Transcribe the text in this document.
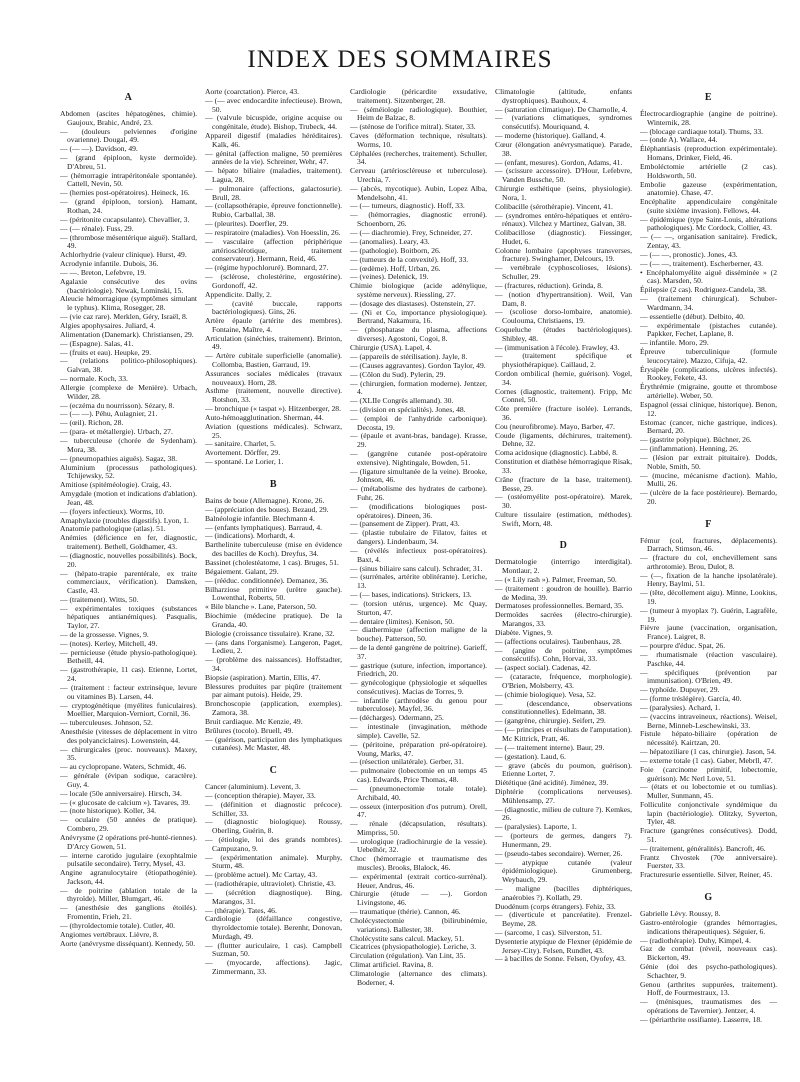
INDEX DES SOMMAIRES
A

Abdomen (ascites hépatogènes, chimie). Gaujoux, Brahic, André, 23.

— (douleurs pelviennes d'origine ovarienne). Dougal, 49.

— (— —). Davidson, 49.

— (grand épiploon, kyste dermoïde). D'Abreu, 51.

— (hémorragie intrapéritonéale spontanée). Cattell, Nevin, 50.

— (hernies post-opératoires). Heineck, 16.

— (grand épiploon, torsion). Hamant, Rothan, 24.

— (péritonite cucapsulante). Chevallier, 3.

— (— rénale). Fuss, 29.

— (thrombose mésentérique aiguë). Stallard, 49.

Achlorhydrie (valeur clinique). Hurst, 49.

Acrodynie infantile. Dubois, 36.

— —. Breton, Lefebvre, 19.

Agalaxie consécutive des ovins (bactériologie). Newak, Lominski, 15.

Aleucie hémorragique (symptômes simulant le typhus). Klima, Rosegger, 28.

— (vie caz rare). Merklen, Géry, Israël, 8.

Algies apophysaires. Juliard, 4.

Alimentation (Danemark). Christiansen, 29.

— (Espagne). Salas, 41.

— (fruits et eau). Heupke, 29.

— (relations politico-philosophiques). Galvan, 38.

— normale. Koch, 33.

Allergie (complexe de Menière). Urbach, Wilder, 28.

— (eczéma du nourrisson). Sézary, 8.

— (— —). Péhu, Aulagnier, 21.

— (œil). Richon, 28.

— (para- et métallergie). Urbach, 27.

— tuberculeuse (chorée de Sydenham). Mora, 38.

— (pneumopathies aiguës). Sagaz, 38.

Aluminium (processus pathologiques). Tchijewsky, 52.

Amitiose (spitéméologie). Craig, 43.

Amygdale (motion et indications d'ablation). Jean, 48.

— (foyers infectieux). Worms, 10.

Amaphylaxie (troubles digestifs). Lyon, 1.

Anatomie pathologique (atlas). 51.

Anémies (déficience en fer, diagnostic, traitement). Bethell, Goldhamer, 43.

— (diagnostic, nouvelles possibilités). Bock, 20.

— (hépato-trapie parentérale, ex traite commerciaux, vérification). Damsken, Castle, 43.

— (traitement). Witts, 50.

— expérimentales toxiques (substances hépatiques antianémiques). Pasqualis, Taylor, 27.

— de la grossesse. Vignes, 9.

— (notes). Kerley, Mitchell, 49.

— pernicieuse (étude physio-pathologique). Betheill, 44.

— (gastrothérapie, 11 cas). Etienne, Lortet, 24.

— (traitement : facteur extrinsèque, levure ou vitamines B). Larsen, 44.

— cryptogénétique (myélites funiculaires). Moellier, Marquion-Verniort, Cornil, 36.

— tuberculeuses. Johnson, 52.

Anesthésie (vitesses de déplacement in vitro des polyanciclaires). Lowenstein, 44.

— chirurgicales (proc. nouveaux). Maxey, 35.

— au cyclopropane. Waters, Schmidt, 46.

— générale (évipan sodique, caractère). Guy, 4.

— locale (50e anniversaire). Hirsch, 34.

— (« glucosate de calcium »). Tavares, 39.

— (note historique). Koller, 34.

— oculaire (50 années de pratique). Combero, 29.

Anévrysme (2 opérations pré-hunté-riennes). D'Arcy Gowen, 51.

— interne carotido jugulaire (exophtalmie pulsatile secondaire). Terry, Mysel, 43.

Angine agranulocytaire (étiopathogénie). Jackson, 44.

— de poitrine (ablation totale de la thyroïde). Miller, Blumgart, 46.

— (anesthésie des ganglions étoilés). Fromentin, Frieh, 21.

— (thyroïdectomie totale). Cutler, 40.

Angiomes vertébraux. Lièvre, 8.

Aorte (anévrysme disséquant). Kennedy, 50.

Aorte (coarctation). Pierce, 43.

— (— avec endocardite infectieuse). Brown, 50.

— (valvule bicuspide, origine acquise ou congénitale, étude). Bishop, Trubeck, 44.

Appareil digestif (maladies héréditaires). Kalk, 46.

— génital (affection maligne, 50 premières années de la vie). Schreiner, Wehr, 47.

— hépato biliaire (maladies, traitement). Lagua, 28.

— pulmonaire (affections, galactosurie). Brull, 28.

— (collapsothérapie, épreuve fonctionnelle). Rubio, Carballal, 38.

— (pleurites). Doerfler, 29.

— respiratoire (maladies). Von Hoesslin, 26.

— vasculaire (affection périphérique artériosclérotique, traitement conservateur). Hermann, Reid, 46.

— (régime hypochloruré). Bomnard, 27.

— (sclérose, cholestérine, ergostérine). Gordonoff, 42.

Appendicite. Dally, 2.

— (cavité buccale, rapports bactériologiques). Gins, 26.

Artère épaule (artérite des membres). Fontaine, Maître, 4.

Articulation (sinéchies, traitement). Brinton, 49.

— Artère cubitale superficielle (anomalie). Collomba, Bastien, Garraud, 19.

Assurances sociales médicales (travaux nouveaux). Horn, 28.

Asthme (traitement, nouvelle directive). Rotshon, 33.

— bronchique (« taspat »). Hitzenberger, 28.

Auto-hémoagglutination. Sherman, 44.

Aviation (questions médicales). Schwarz, 25.

— sanitaire. Charlet, 5.

Avortement. Dörffer, 29.

— spontané. Le Lorier, 1.

B

Bains de boue (Allemagne). Krone, 26.

— (appréciation des boues). Bezaud, 29.

Balnéologie infantile. Blechmann 4.

— (enfants lymphatiques). Barraud, 4.

— (indications). Morhardt, 4.

Barthelinite tuberculeuse (mise en évidence des bacilles de Koch). Dreyfus, 34.

Bassinet (cholestéatome, 1 cas). Bruges, 51.

Bégaiement. Galant, 29.

— (rééduc. conditionnée). Demanez, 36.

Bilharziose primitive (urètre gauche). Lowenthal, Roberts, 50.

« Bile blanche ». Lane, Paterson, 50.

Biochimie (médecine pratique). De la Granda, 40.

Biologie (croissance tissulaire). Krane, 32.

— (ans dans l'organisme). Langeron, Paget, Ledieu, 2.

— (problème des naissances). Hoffstadter, 34.

Biopsie (aspiration). Martin, Ellis, 47.

Blessures produites par piqûre (traitement par aimant putois). Heide, 29.

Bronchoscopie (application, exemples). Zamora, 38.

Bruit cardiaque. Mc Kenzie, 49.

Brûlures (tocolo). Bruell, 49.

— (guérison, participation des lymphatiques cutanées). Mc Master, 48.

C

Cancer (aluminium). Levent, 3.

— (conception thérapie). Mayer, 33.

— (définition et diagnostic précoce). Schiller, 33.

— (diagnostic biologique). Roussy, Oberling, Guérin, 8.

— (étiologie, loi des grands nombres). Campuzano, 9.

— (expérimentation animale). Murphy, Sturm, 48.

— (problème actuel). Mc Cartay, 43.

— (radiothérapie, ultraviolet). Christie, 43.

— (sécrétion diagnostique). Bing, Marangos, 31.

— (thérapie). Tates, 46.

Cardiologie (défaillance congestive, thyroïdectomie totale). Berenhr, Donovan, Murdagh, 49.

— (fluttter auriculaire, 1 cas). Campbell Suzman, 50.

— (myocarde, affections). Jagic, Zimmermann, 33.

Cardiologie (péricardite exsudative, traitement). Sitzenberger, 28.

— (séméiologie radiologique). Bouthier, Heim de Balzac, 8.

— (sténose de l'orifice mitral). Stater, 33.

Caves (déformation technique, résultats). Worms, 10.

Céphalées (recherches, traitement). Schuller, 34.

Cerveau (artérioscléreuse et tuberculose). Urechia, 7.

— (abcès, mycotique). Aubin, Lopez Alba, Mendelsohn, 41.

— (— tumeurs, diagnostic). Hoff, 33.

— (hémorragies, diagnostic erroné). Schoenborn, 26.

— (— diachromie). Frey, Schneider, 27.

— (anomalies). Leary, 43.

— (pathologie). Boitborn, 26.

— (tumeurs de la convexité). Hoff, 33.

— (œdème). Hoff, Urban, 26.

— (veines). Delenick, 19.

Chimie biologique (acide adénylique, système nerveux). Riessling, 27.

— (dosage des diastases). Ostenstein, 27.

— (Ni et Co, importance physiologique). Bertrand, Nakamura, 16.

— (phosphatase du plasma, affections diverses). Agostoni, Cogoi, 8.

Chirurgie (USA). Lapel, 4.

— (appareils de stérilisation). Jayle, 8.

— (Causes aggravantes). Gordon Taylor, 49.

— (Côlon du Sud). Pylerin, 29.

— (chirurgien, formation moderne). Jentzer, 4.

— (XLIIe Congrès allemand). 30.

— (division en spécialités). Jones, 48.

— (emploi de l'anhydride carbonique). Decosta, 19.

— (épaule et avant-bras, bandage). Krasse, 29.

— (gangrène cutanée post-opératoire extensive). Nightingale, Bowden, 51.

— (ligature simultanée de la veine). Brooke, Johnson, 46.

— (métabolisme des hydrates de carbone). Fuhr, 26.

— (modifications biologiques post-opératoires). Dineen, 36.

— (pansement de Zipper). Pratt, 43.

— (plastie tubulaire de Filatov, faites et dangers). Lindenbaum, 34.

— (révélés infectieux post-opératoires). Baxt, 4.

— (sinus biliaire sans calcul). Schrader, 31.

— (surrénales, artérite oblitérante). Leriche, 13.

— (— bases, indications). Strickers, 13.

— (torsion utérus, urgence). Mc Quay, Sturton, 47.

— dentaire (limites). Kenison, 50.

— diathermique (affection maligne de la bouche). Patterson, 50.

— de la denté gangrène de poitrine). Garieff, 37.

— gastrique (suture, infection, importance). Friedrich, 20.

— gynécologique (physiologie et séquelles consécutives). Macias de Torres, 9.

— infantile (arthrodèse du genou pour tuberculose). Mayfel, 36.

— (décharges). Odermann, 25.

— intestinale (invagination, méthode simple). Cavelle, 52.

— (péritoine, préparation pré-opératoire). Voung, Marks, 47.

— (résection unilatérale). Gerber, 31.

— pulmonaire (lobectomie en un temps 45 cas). Edwards, Price Thomas, 48.

— (pneumonectomie totale totale). Archibald, 40.

— osseux (interposition d'os putrum). Orell, 47.

— rénale (décapsulation, résultats). Mimpriss, 50.

— urologique (radiochirurgie de la vessie). Uebelhör, 32.

Choc (hémorragie et traumatisme des muscles). Brooks, Blalock, 46.

— expérimental (extrait cortico-surrénal). Heuer, Andrus, 46.

Chirurgie (étude — —). Gordon Livingstone, 46.

— traumatique (thérie). Cannon, 46.

Cholécystectomie (bilirubinémie, variations). Ballester, 38.

Cholécystite sans calcul. Mackey, 51.

Cicatrices (physiopathologie). Leriche, 3.

Circulation (régulation). Van Lint, 35.

Climat artificiel. Ravina, 8.

Climatologie (alternance des climats). Boderner, 4.

Climatologie (altitude, enfants dystrophiques). Bauhoux, 4.

— (saturation climatique). De Charnolle, 4.

— (variations climatiques, syndromes consécutifs). Mouriquand, 4.

— moderne (historique). Galland, 4.

Cœur (élongation anévrysmatique). Parade, 38.

— (enfant, mesures). Gordon, Adams, 41.

— (scissure accessoire). D'Hour, Lefebvre, Vanden Bussche, 50.

Chirurgie esthétique (seins, physiologie). Nora, 1.

Colibacille (sérothérapie). Vincent, 41.

— (syndromes entéro-hépatiques et entéro-rénaux). Vilchez y Martinez, Galvan, 38.

Colibacillose (diagnostic). Fiessinger, Hudet, 6.

Colonne lombaire (apophyses transverses, fracture). Swinghamer, Delcours, 19.

— vertébrale (cyphoscolioses, lésions). Schuller, 29.

— (fractures, réduction). Grinda, 8.

— (notion d'hypertransition). Weil, Van Dam, 8.

— (scoliose dorso-lombaire, anatomie). Coulouma, Christiaens, 19.

Coqueluche (études bactériologiques). Shibley, 48.

— (immunisation à l'école). Frawley, 43.

— (traitement spécifique et physiothérapique). Caillaud, 2.

Cordon ombilical (hernie, guérison). Vogel, 34.

Cornes (diagnostic, traitement). Fripp, Mc Connel, 50.

Côte première (fracture isolée). Lerrands, 36.

Cou (neurofibrome). Mayo, Barber, 47.

Coude (ligaments, déchirures, traitement). Dehne, 32.

Coma acidosique (diagnostic). Labbé, 8.

Constitution et diathèse hémorragique Risak, 33.

Crâne (fracture de la base, traitement). Besse, 29.

— (ostéomyélite post-opératoire). Marek, 30.

Culture tissulaire (estimation, méthodes). Swift, Morn, 48.

D

Dermatologie (interrigo interdigital). Montlaur, 2.

— (« Lily rash »). Palmer, Freeman, 50.

— (traitement : goudron de houille). Barrio de Medina, 39.

Dermatoses professionnelles. Bernard, 35.

Dermoïdes sacrées (électro-chirurgie). Marangos, 33.

Diabète. Vignes, 9.

— (affections oculaires). Taubenhaus, 28.

— (angine de poitrine, symptômes consécutifs). Cohn, Horvai, 33.

— (aspect social). Cadenas, 42.

— (cataracte, fréquence, morphologie). O'Brien, Molsberry, 43.

— (chimie biologique). Vesa, 52.

— (descendance, observations constitutionnelles). Edelmann, 38.

— (gangrène, chirurgie). Seifert, 29.

— (— principes et résultats de l'amputation). Mc Kittrick, Pratt, 46.

— (— traitement interne). Baur, 29.

— (gestation). Laud, 6.

— grave (abcès du poumon, guérison). Etienne Lortet, 7.

Diététique (âné acidité). Jiménez, 39.

Diphtérie (complications nerveuses). Mühlensamp, 27.

— (diagnostic, milieu de culture ?). Kemkes, 26.

— (paralysies). Laporte, 1.

— (porteurs de germes, dangers ?). Hunermann, 29.

— (pseudo-tabes secondaire). Werner, 26.

— atypique cutanée (valeur épidémiologique). Grumenberg, Weybauch, 29.

— maligne (bacilles diphtériques, anaérobies ?). Kollath, 29.

Duodénum (corps étrangers). Fehiz, 33.

— (diverticule et pancréatite). Frenzel-Beyme, 28.

— (sarcome, 1 cas). Silverston, 51.

Dysenterie atypique de Flexner (épidémie de Jersey-City). Felsen, Rundlet, 43.

— à bacilles de Sonne. Felsen, Oyofey, 43.

E

Électrocardiographie (angine de poitrine). Winternik, 28.

— (blocage cardiaque total). Thums, 33.

— (onde A). Wallace, 44.

Éléphantiasis (reproduction expérimentale). Homans, Drinker, Field, 46.

Emboléctomie artérielle (2 cas). Holdsworth, 50.

Embolie gazeuse (expérimentation, anatomie). Chase, 47.

Encéphalite appendiculaire congénitale (suite sixième invasion). Fellows, 44.

— épidémique (type Saint-Louis, altérations pathologiques). Mc Cordock, Collier, 43.

— (— —, organisation sanitaire). Fredick, Zentay, 43.

— (— —, pronostic). Jones, 43.

— (— —, traitement). Escherberner, 43.

• Encéphalomyélite aiguë disséminée » (2 cas). Marsden, 50.

Épilepsie (2 cas). Rodriguez-Candela, 38.

— (traitement chirurgical). Schuber-Wardmann, 34.

— essentielle (début). Delbito, 40.

— expérimentale (pistaches cutanée). Papkker, Fechet, Laplane, 8.

— infantile. Moro, 29.

Épreuve tuberculinique (formule leucocytaire). Mazzo, Cifuja, 42.

Érysipèle (complications, ulcères infectés). Rookey, Fekete, 43.

Érythrémie (migraine, goutte et thrombose artérielle). Weber, 50.

Espagnol (essai clinique, historique). Benon, 12.

Estomac (cancer, niche gastrique, indices). Bernard, 20.

— (gastrite polypique). Büchner, 26.

— (inflammation). Henning, 26.

— (lésion par extrait pituitaire). Dodds, Noble, Smith, 50.

— (mucine, mécanisme d'action). Mahlo, Mulli, 26.

— (ulcère de la face postérieure). Bernardo, 20.

F

Fémur (col, fractures, déplacements). Darrach, Stimson, 46.

— (fracture du col, enchevillement sans arthrotomie). Brou, Dulot, 8.

— (—, fixation de la hanche ipsolatérale). Henry, Baylmi, 51.

— (tête, décollement aigu). Minne, Lookius, 19.

— (tumeur à myoplax ?). Guérin, Lagrafèle, 19.

Fièvre jaune (vaccination, organisation, France). Laigret, 8.

— pourpre d'éduc. Spat, 26.

— rhumatismale (réaction vasculaire). Paschke, 44.

— spécifiques (prévention par immunisation). O'Brien, 49.

— typhoïde. Dupuyer, 29.

— (forme tréslégère). García, 40.

— (paralysies). Achard, 1.

— (vaccins intraveineux, réactions). Weisel, Berne, Minneb-Leschewinski, 33.

Fistule hépato-biliaire (opération de nécessité). Kairtzan, 20.

— hépatoziliare (1 cas, chirurgie). Jason, 54.

— externe totale (1 cas). Gaber, Mebrll, 47.

Foie (carcinome primitif, lobectomie, guérison). Mc Nerl Love, 51.

— (états et ou lobectomie et ou tumlias). Muller, Sunmann, 45.

Folliculite conjonctivale syndémique du lapin (bactériologie). Olitzky, Syverton, Tyler, 48.

Fracture (gangrènes consécutives). Dodd, 51.

— (traitement, généralités). Bancroft, 46.

Frantz Chvostek (70e anniversaire). Fuerster, 33.

Fracturesurie essentielle. Silver, Reiner, 45.

G

Gabrielle Lévy. Roussy, 8.

Gastro-entérologie (grandes hémorragies, indications thérapeutiques). Séguier, 6.

— (radiothérapie). Duhy, Kimpel, 4.

Gaz de combat (réveil, nouveaux cas). Bickerton, 49.

Génie (doi des psycho-pathologiques). Schachter, 9.

Genou (arthrites suppurées, traitement). Hoff, de Fourmestraux, 13.

— (ménisques, traumatismes des — opérations de Tavernier). Jentzer, 4.

— (périarthrite ossifiante). Lasserre, 18.
